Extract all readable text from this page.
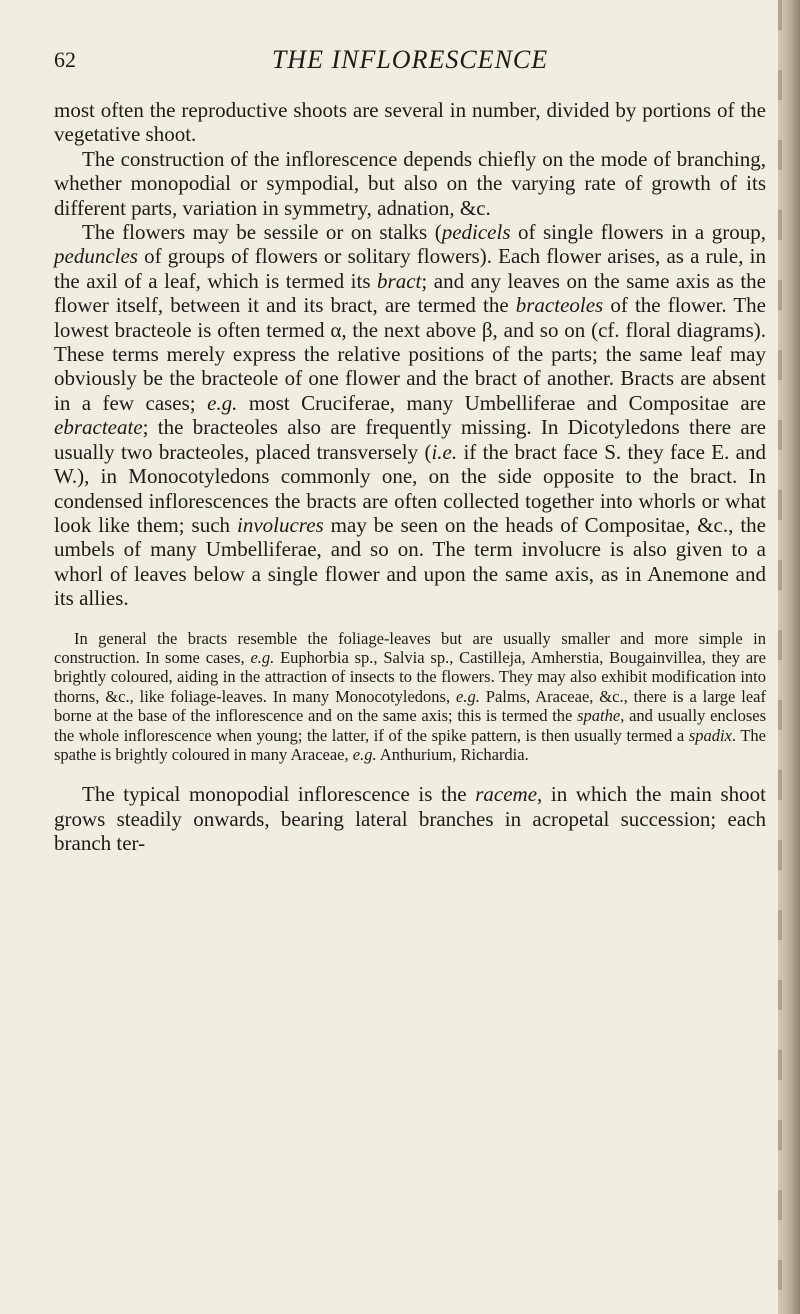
62	THE INFLORESCENCE

most often the reproductive shoots are several in number, divided by portions of the vegetative shoot.

The construction of the inflorescence depends chiefly on the mode of branching, whether monopodial or sympodial, but also on the varying rate of growth of its different parts, variation in symmetry, adnation, &c.

The flowers may be sessile or on stalks (pedicels of single flowers in a group, peduncles of groups of flowers or solitary flowers). Each flower arises, as a rule, in the axil of a leaf, which is termed its bract; and any leaves on the same axis as the flower itself, between it and its bract, are termed the bracteoles of the flower. The lowest bracteole is often termed α, the next above β, and so on (cf. floral diagrams). These terms merely express the relative positions of the parts; the same leaf may obviously be the bracteole of one flower and the bract of another. Bracts are absent in a few cases; e.g. most Cruciferae, many Umbelliferae and Compositae are ebracteate; the bracteoles also are frequently missing. In Dicotyledons there are usually two bracteoles, placed transversely (i.e. if the bract face S. they face E. and W.), in Monocotyledons commonly one, on the side opposite to the bract. In condensed inflorescences the bracts are often collected together into whorls or what look like them; such involucres may be seen on the heads of Compositae, &c., the umbels of many Umbelliferae, and so on. The term involucre is also given to a whorl of leaves below a single flower and upon the same axis, as in Anemone and its allies.

In general the bracts resemble the foliage-leaves but are usually smaller and more simple in construction. In some cases, e.g. Euphorbia sp., Salvia sp., Castilleja, Amherstia, Bougainvillea, they are brightly coloured, aiding in the attraction of insects to the flowers. They may also exhibit modification into thorns, &c., like foliage-leaves. In many Monocotyledons, e.g. Palms, Araceae, &c., there is a large leaf borne at the base of the inflorescence and on the same axis; this is termed the spathe, and usually encloses the whole inflorescence when young; the latter, if of the spike pattern, is then usually termed a spadix. The spathe is brightly coloured in many Araceae, e.g. Anthurium, Richardia.

The typical monopodial inflorescence is the raceme, in which the main shoot grows steadily onwards, bearing lateral branches in acropetal succession; each branch ter-
